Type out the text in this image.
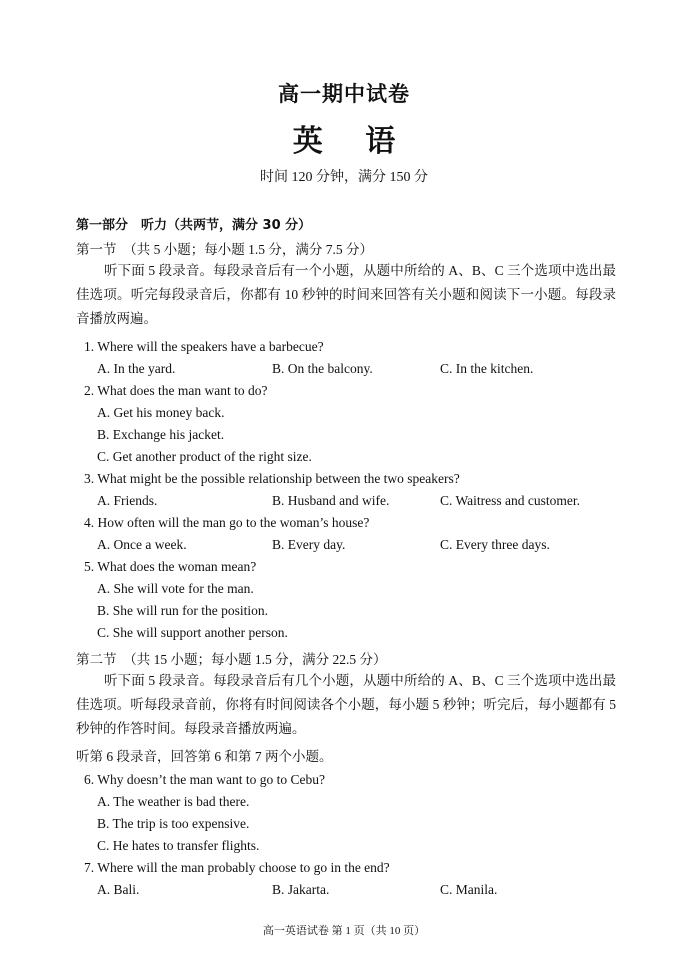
高一期中试卷
英 语
时间 120 分钟，满分 150 分
第一部分　听力（共两节，满分 30 分）
第一节　（共 5 小题；每小题 1.5 分，满分 7.5 分）
听下面 5 段录音。每段录音后有一个小题，从题中所给的 A、B、C 三个选项中选出最佳选项。听完每段录音后，你都有 10 秒钟的时间来回答有关小题和阅读下一小题。每段录音播放两遍。
1. Where will the speakers have a barbecue?
A. In the yard.	B. On the balcony.	C. In the kitchen.
2. What does the man want to do?
A. Get his money back.
B. Exchange his jacket.
C. Get another product of the right size.
3. What might be the possible relationship between the two speakers?
A. Friends.	B. Husband and wife.	C. Waitress and customer.
4. How often will the man go to the woman’s house?
A. Once a week.	B. Every day.	C. Every three days.
5. What does the woman mean?
A. She will vote for the man.
B. She will run for the position.
C. She will support another person.
第二节　（共 15 小题；每小题 1.5 分，满分 22.5 分）
听下面 5 段录音。每段录音后有几个小题，从题中所给的 A、B、C 三个选项中选出最佳选项。听每段录音前，你将有时间阅读各个小题，每小题 5 秒钟；听完后，每小题都有 5 秒钟的作答时间。每段录音播放两遍。
听第 6 段录音，回答第 6 和第 7 两个小题。
6. Why doesn’t the man want to go to Cebu?
A. The weather is bad there.
B. The trip is too expensive.
C. He hates to transfer flights.
7. Where will the man probably choose to go in the end?
A. Bali.	B. Jakarta.	C. Manila.
高一英语试卷 第 1 页（共 10 页）
